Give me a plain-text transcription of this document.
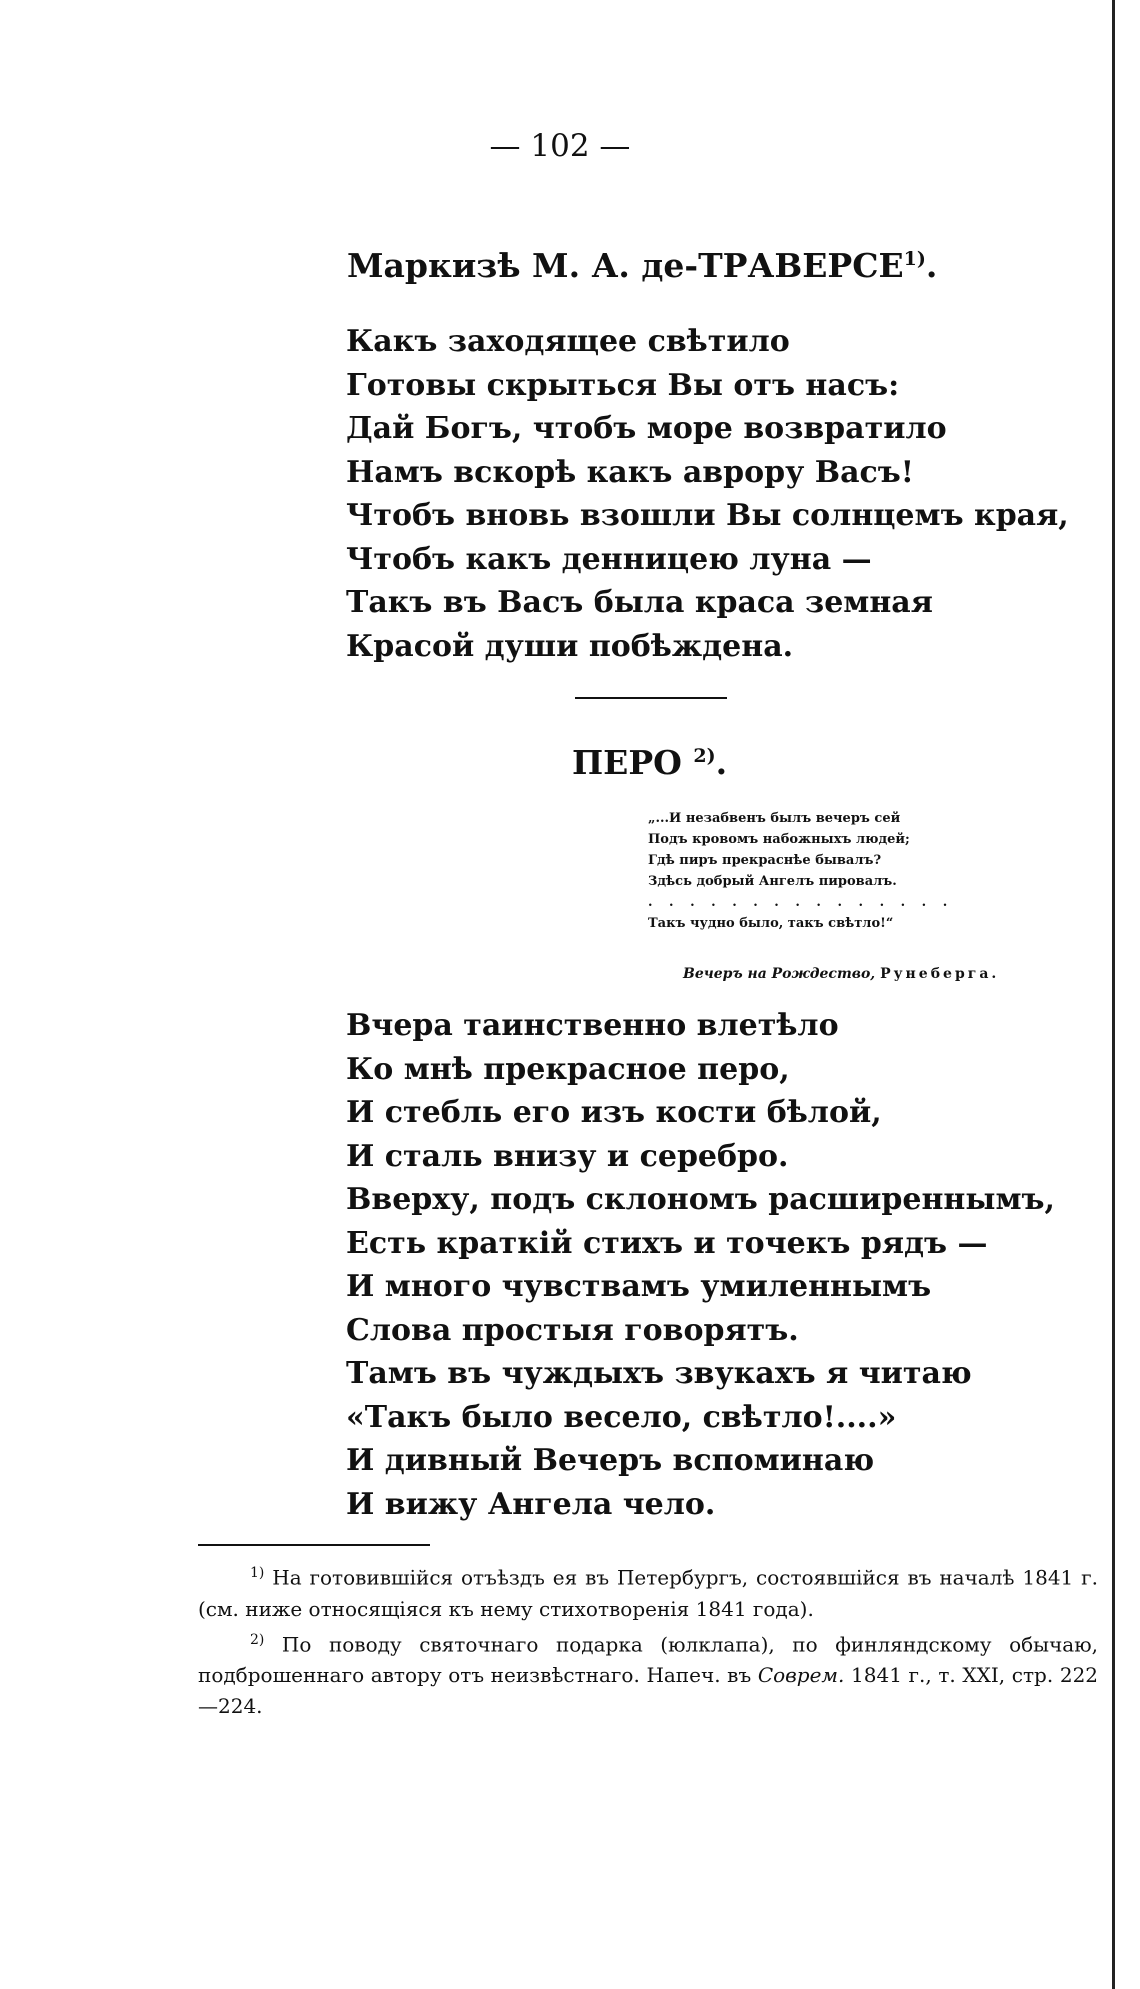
— 102 —
Маркизѣ М. А. де-ТРАВЕРСЕ$^{1)}$.
Какъ заходящее свѣтило
Готовы скрыться Вы отъ насъ:
Дай Богъ, чтобъ море возвратило
Намъ вскорѣ какъ аврору Васъ!
Чтобъ вновь взошли Вы солнцемъ края,
Чтобъ какъ денницею луна —
Такъ въ Васъ была краса земная
Красой души побѣждена.
ПЕРО $^{2)}$.
„...И незабвенъ былъ вечеръ сей
Подъ кровомъ набожныхъ людей;
Гдѣ пиръ прекраснѣе бывалъ?
Здѣсь добрый Ангелъ пировалъ.
. . . . . . . . . . . . . . .
Такъ чудно было, такъ свѣтло!“
Вечеръ на Рождество, Рунеберга.
Вчера таинственно влетѣло
Ко мнѣ прекрасное перо,
И стебль его изъ кости бѣлой,
И сталь внизу и серебро.
Вверху, подъ склономъ расширеннымъ,
Есть краткій стихъ и точекъ рядъ —
И много чувствамъ умиленнымъ
Слова простыя говорятъ.
Тамъ въ чуждыхъ звукахъ я читаю
«Такъ было весело, свѣтло!....»
И дивный Вечеръ вспоминаю
И вижу Ангела чело.

$^{1)}$ На готовившійся отъѣздъ ея въ Петербургъ, состоявшійся въ началѣ 1841 г. (см. ниже относящіяся къ нему стихотворенія 1841 года).

$^{2)}$ По поводу святочнаго подарка (юлклапа), по финляндскому обычаю, подброшеннаго автору отъ неизвѣстнаго. Напеч. въ Соврем. 1841 г., т. XXI, стр. 222—224.
